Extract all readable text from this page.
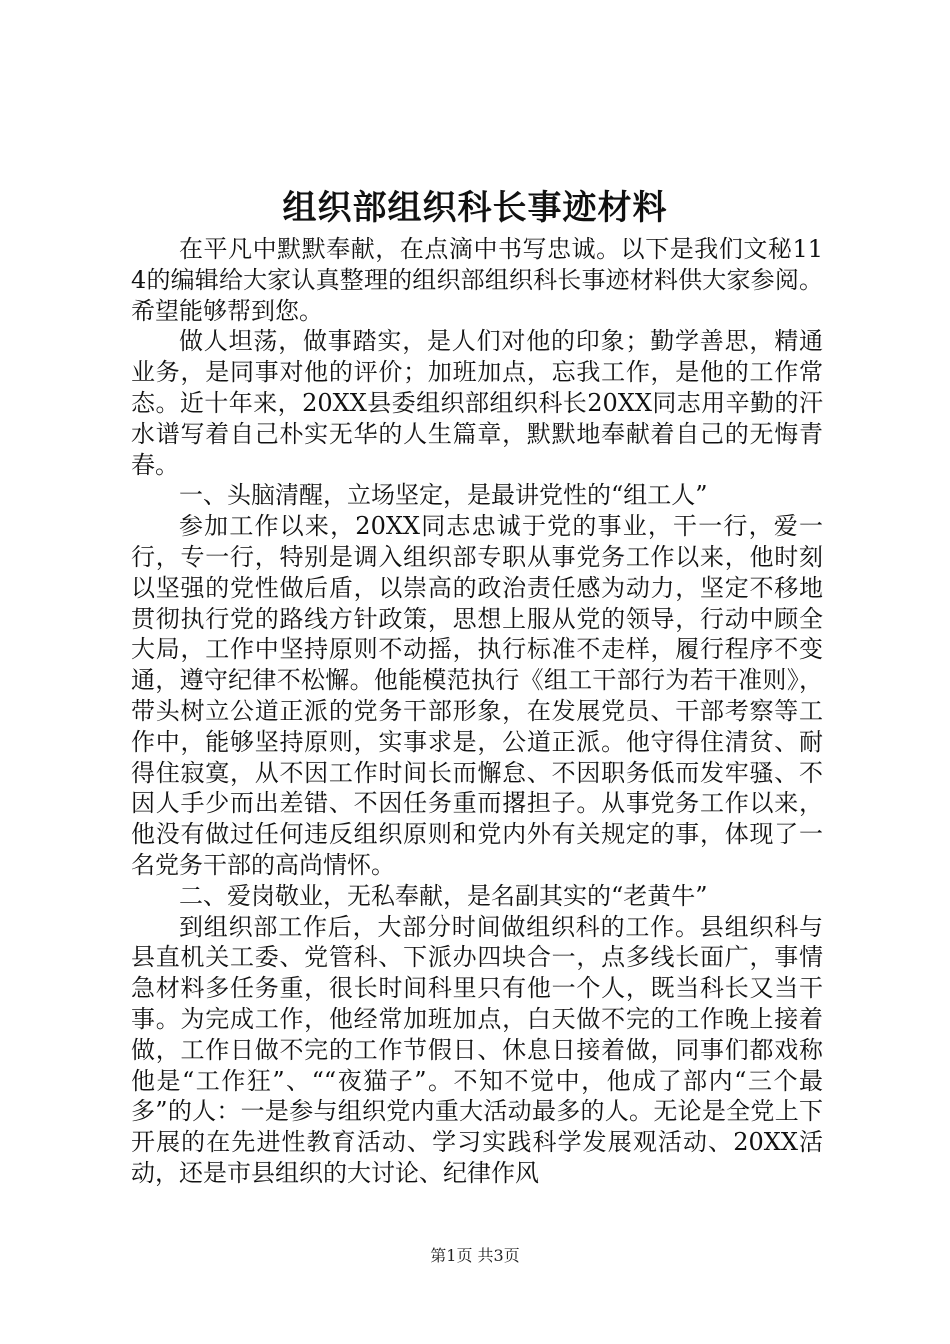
组织部组织科长事迹材料

在平凡中默默奉献，在点滴中书写忠诚。以下是我们文秘114的编辑给大家认真整理的组织部组织科长事迹材料供大家参阅。希望能够帮到您。

做人坦荡，做事踏实，是人们对他的印象；勤学善思，精通业务，是同事对他的评价；加班加点，忘我工作，是他的工作常态。近十年来，20XX县委组织部组织科长20XX同志用辛勤的汗水谱写着自己朴实无华的人生篇章，默默地奉献着自己的无悔青春。

一、头脑清醒，立场坚定，是最讲党性的“组工人”

参加工作以来，20XX同志忠诚于党的事业，干一行，爱一行，专一行，特别是调入组织部专职从事党务工作以来，他时刻以坚强的党性做后盾，以崇高的政治责任感为动力，坚定不移地贯彻执行党的路线方针政策，思想上服从党的领导，行动中顾全大局，工作中坚持原则不动摇，执行标准不走样，履行程序不变通，遵守纪律不松懈。他能模范执行《组工干部行为若干准则》，带头树立公道正派的党务干部形象，在发展党员、干部考察等工作中，能够坚持原则，实事求是，公道正派。他守得住清贫、耐得住寂寞，从不因工作时间长而懈怠、不因职务低而发牢骚、不因人手少而出差错、不因任务重而撂担子。从事党务工作以来，他没有做过任何违反组织原则和党内外有关规定的事，体现了一名党务干部的高尚情怀。

二、爱岗敬业，无私奉献，是名副其实的“老黄牛”

到组织部工作后，大部分时间做组织科的工作。县组织科与县直机关工委、党管科、下派办四块合一，点多线长面广，事情急材料多任务重，很长时间科里只有他一个人，既当科长又当干事。为完成工作，他经常加班加点，白天做不完的工作晚上接着做，工作日做不完的工作节假日、休息日接着做，同事们都戏称他是“工作狂”、““夜猫子”。不知不觉中，他成了部内“三个最多”的人：一是参与组织党内重大活动最多的人。无论是全党上下开展的在先进性教育活动、学习实践科学发展观活动、20XX活动，还是市县组织的大讨论、纪律作风

第1页 共3页
